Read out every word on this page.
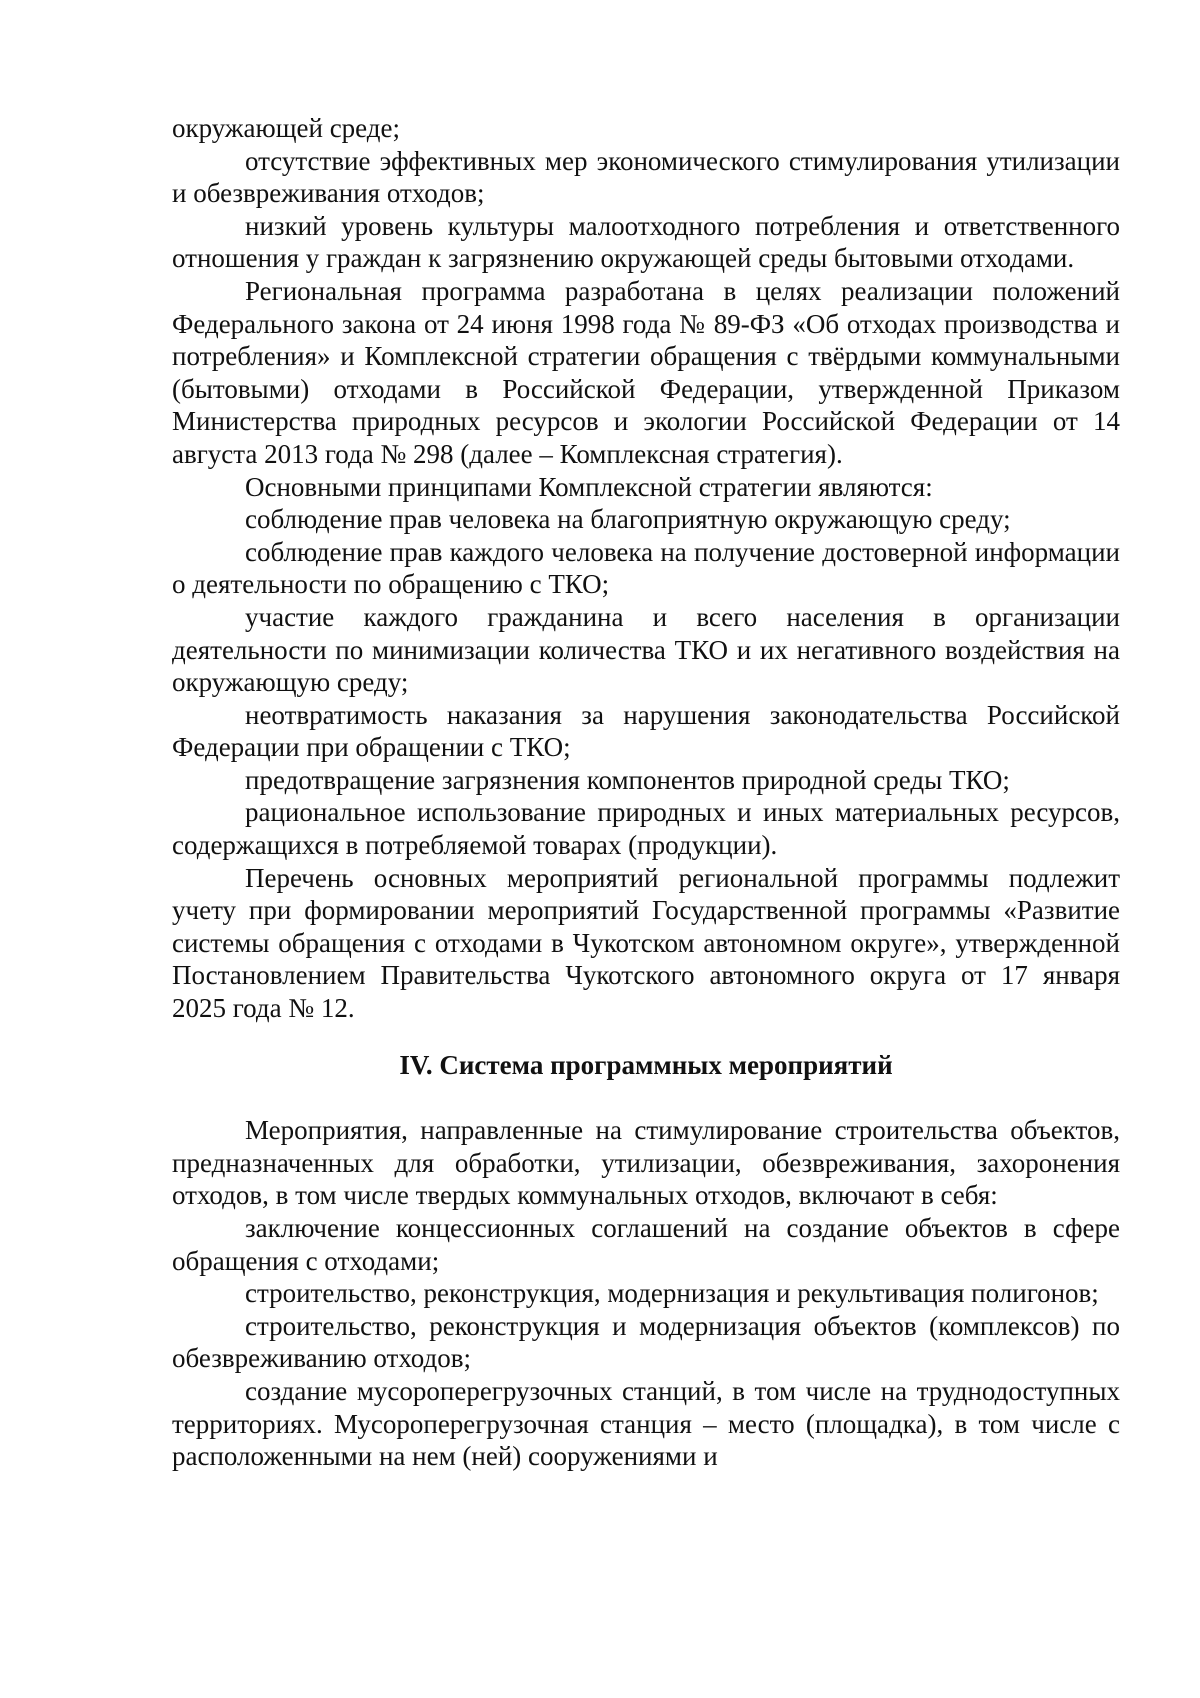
окружающей среде;

отсутствие эффективных мер экономического стимулирования утилизации и обезвреживания отходов;

низкий уровень культуры малоотходного потребления и ответственного отношения у граждан к загрязнению окружающей среды бытовыми отходами.

Региональная программа разработана в целях реализации положений Федерального закона от 24 июня 1998 года № 89-ФЗ «Об отходах производства и потребления» и Комплексной стратегии обращения с твёрдыми коммунальными (бытовыми) отходами в Российской Федерации, утвержденной Приказом Министерства природных ресурсов и экологии Российской Федерации от 14 августа 2013 года № 298 (далее – Комплексная стратегия).

Основными принципами Комплексной стратегии являются:

соблюдение прав человека на благоприятную окружающую среду;

соблюдение прав каждого человека на получение достоверной информации о деятельности по обращению с ТКО;

участие каждого гражданина и всего населения в организации деятельности по минимизации количества ТКО и их негативного воздействия на окружающую среду;

неотвратимость наказания за нарушения законодательства Российской Федерации при обращении с ТКО;

предотвращение загрязнения компонентов природной среды ТКО;

рациональное использование природных и иных материальных ресурсов, содержащихся в потребляемой товарах (продукции).

Перечень основных мероприятий региональной программы подлежит учету при формировании мероприятий Государственной программы «Развитие системы обращения с отходами в Чукотском автономном округе», утвержденной Постановлением Правительства Чукотского автономного округа от 17 января 2025 года № 12.

IV. Система программных мероприятий

Мероприятия, направленные на стимулирование строительства объектов, предназначенных для обработки, утилизации, обезвреживания, захоронения отходов, в том числе твердых коммунальных отходов, включают в себя:

заключение концессионных соглашений на создание объектов в сфере обращения с отходами;

строительство, реконструкция, модернизация и рекультивация полигонов;

строительство, реконструкция и модернизация объектов (комплексов) по обезвреживанию отходов;

создание мусороперегрузочных станций, в том числе на труднодоступных территориях. Мусороперегрузочная станция – место (площадка), в том числе с расположенными на нем (ней) сооружениями и
